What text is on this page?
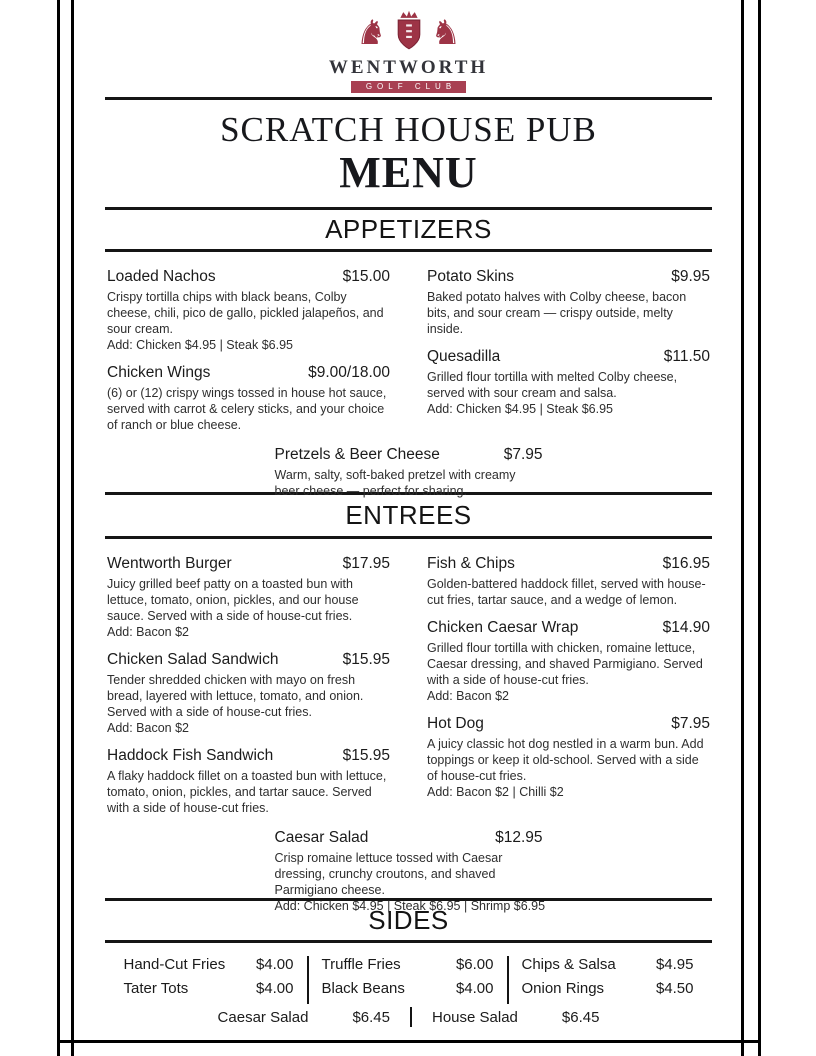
♞ ♞
WENTWORTH
GOLF CLUB
SCRATCH HOUSE PUB
MENU
APPETIZERS
Loaded Nachos	$15.00
Crispy tortilla chips with black beans, Colby cheese, chili, pico de gallo, pickled jalapeños, and sour cream.
Add: Chicken $4.95 | Steak $6.95
Chicken Wings	$9.00/18.00
(6) or (12) crispy wings tossed in house hot sauce, served with carrot & celery sticks, and your choice of ranch or blue cheese.
Potato Skins	$9.95
Baked potato halves with Colby cheese, bacon bits, and sour cream — crispy outside, melty inside.
Quesadilla	$11.50
Grilled flour tortilla with melted Colby cheese, served with sour cream and salsa.
Add: Chicken $4.95 | Steak $6.95
Pretzels & Beer Cheese	$7.95
Warm, salty, soft-baked pretzel with creamy beer cheese — perfect for sharing.
ENTREES
Wentworth Burger	$17.95
Juicy grilled beef patty on a toasted bun with lettuce, tomato, onion, pickles, and our house sauce. Served with a side of house-cut fries.
Add: Bacon $2
Chicken Salad Sandwich	$15.95
Tender shredded chicken with mayo on fresh bread, layered with lettuce, tomato, and onion. Served with a side of house-cut fries.
Add: Bacon $2
Haddock Fish Sandwich	$15.95
A flaky haddock fillet on a toasted bun with lettuce, tomato, onion, pickles, and tartar sauce. Served with a side of house-cut fries.
Fish & Chips	$16.95
Golden-battered haddock fillet, served with house-cut fries, tartar sauce, and a wedge of lemon.
Chicken Caesar Wrap	$14.90
Grilled flour tortilla with chicken, romaine lettuce, Caesar dressing, and shaved Parmigiano. Served with a side of house-cut fries.
Add: Bacon $2
Hot Dog	$7.95
A juicy classic hot dog nestled in a warm bun. Add toppings or keep it old-school. Served with a side of house-cut fries.
Add: Bacon $2 | Chilli $2
Caesar Salad	$12.95
Crisp romaine lettuce tossed with Caesar dressing, crunchy croutons, and shaved Parmigiano cheese.
Add: Chicken $4.95 | Steak $6.95 | Shrimp $6.95
SIDES
Hand-Cut Fries $4.00
Tater Tots	$4.00
Truffle Fries	$6.00
Black Beans	$4.00
Chips & Salsa	$4.95
Onion Rings	$4.50
Caesar Salad	$6.45	House Salad	$6.45
